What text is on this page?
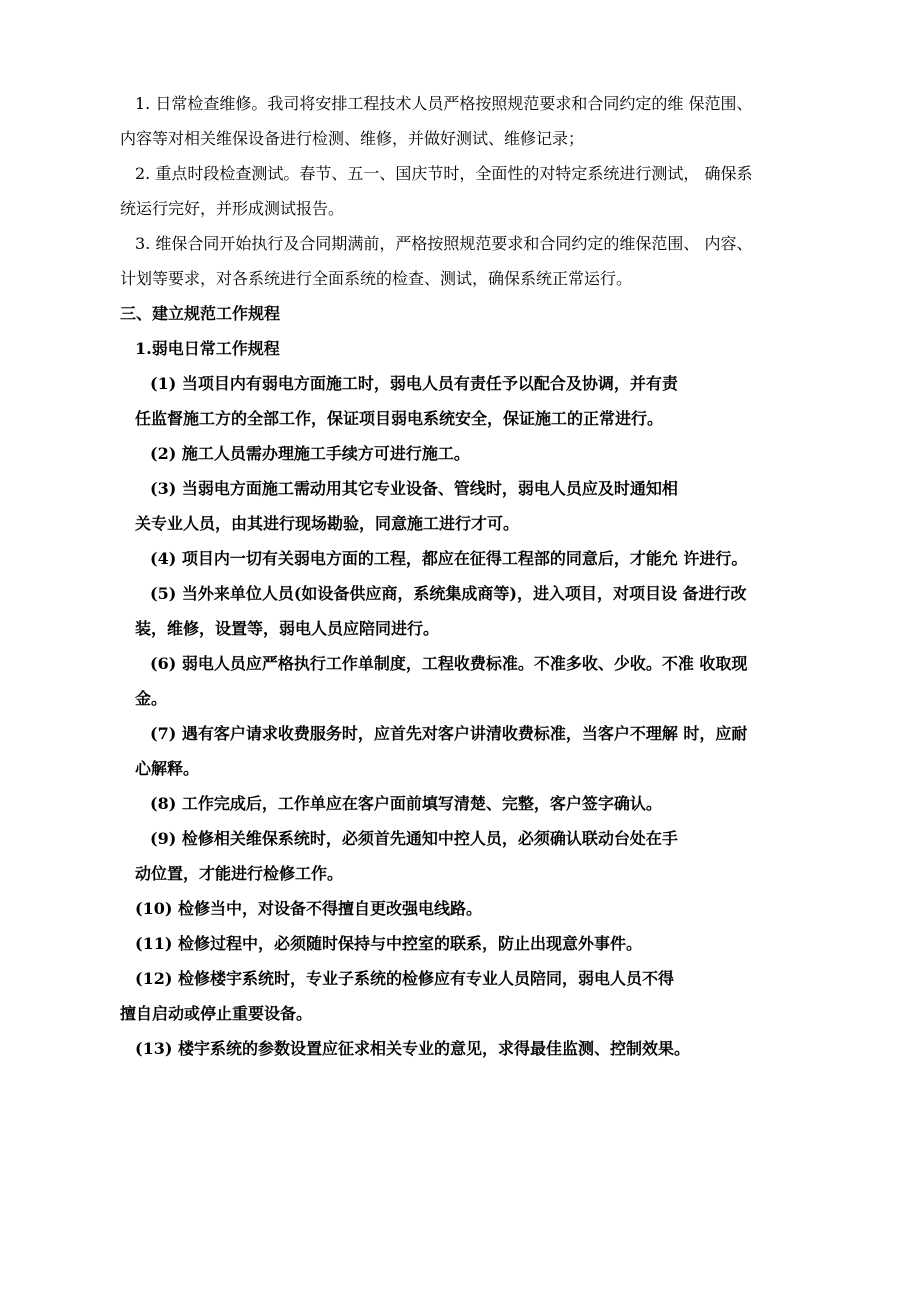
1. 日常检查维修。我司将安排工程技术人员严格按照规范要求和合同约定的维 保范围、
内容等对相关维保设备进行检测、维修，并做好测试、维修记录；
2. 重点时段检查测试。春节、五一、国庆节时，全面性的对特定系统进行测试， 确保系
统运行完好，并形成测试报告。
3. 维保合同开始执行及合同期满前，严格按照规范要求和合同约定的维保范围、 内容、
计划等要求，对各系统进行全面系统的检查、测试，确保系统正常运行。
三、建立规范工作规程
1.弱电日常工作规程
(1) 当项目内有弱电方面施工时，弱电人员有责任予以配合及协调，并有责
任监督施工方的全部工作，保证项目弱电系统安全，保证施工的正常进行。
(2) 施工人员需办理施工手续方可进行施工。
(3) 当弱电方面施工需动用其它专业设备、管线时，弱电人员应及时通知相
关专业人员，由其进行现场勘验，同意施工进行才可。
(4) 项目内一切有关弱电方面的工程，都应在征得工程部的同意后，才能允 许进行。
(5) 当外来单位人员(如设备供应商，系统集成商等)，进入项目，对项目设 备进行改
装，维修，设置等，弱电人员应陪同进行。
(6) 弱电人员应严格执行工作单制度，工程收费标准。不准多收、少收。不准 收取现
金。
(7) 遇有客户请求收费服务时，应首先对客户讲清收费标准，当客户不理解 时，应耐
心解释。
(8) 工作完成后，工作单应在客户面前填写清楚、完整，客户签字确认。
(9) 检修相关维保系统时，必须首先通知中控人员，必须确认联动台处在手
动位置，才能进行检修工作。
(10) 检修当中，对设备不得擅自更改强电线路。
(11) 检修过程中，必须随时保持与中控室的联系，防止出现意外事件。
(12) 检修楼宇系统时，专业子系统的检修应有专业人员陪同，弱电人员不得
擅自启动或停止重要设备。
(13) 楼宇系统的参数设置应征求相关专业的意见，求得最佳监测、控制效果。
